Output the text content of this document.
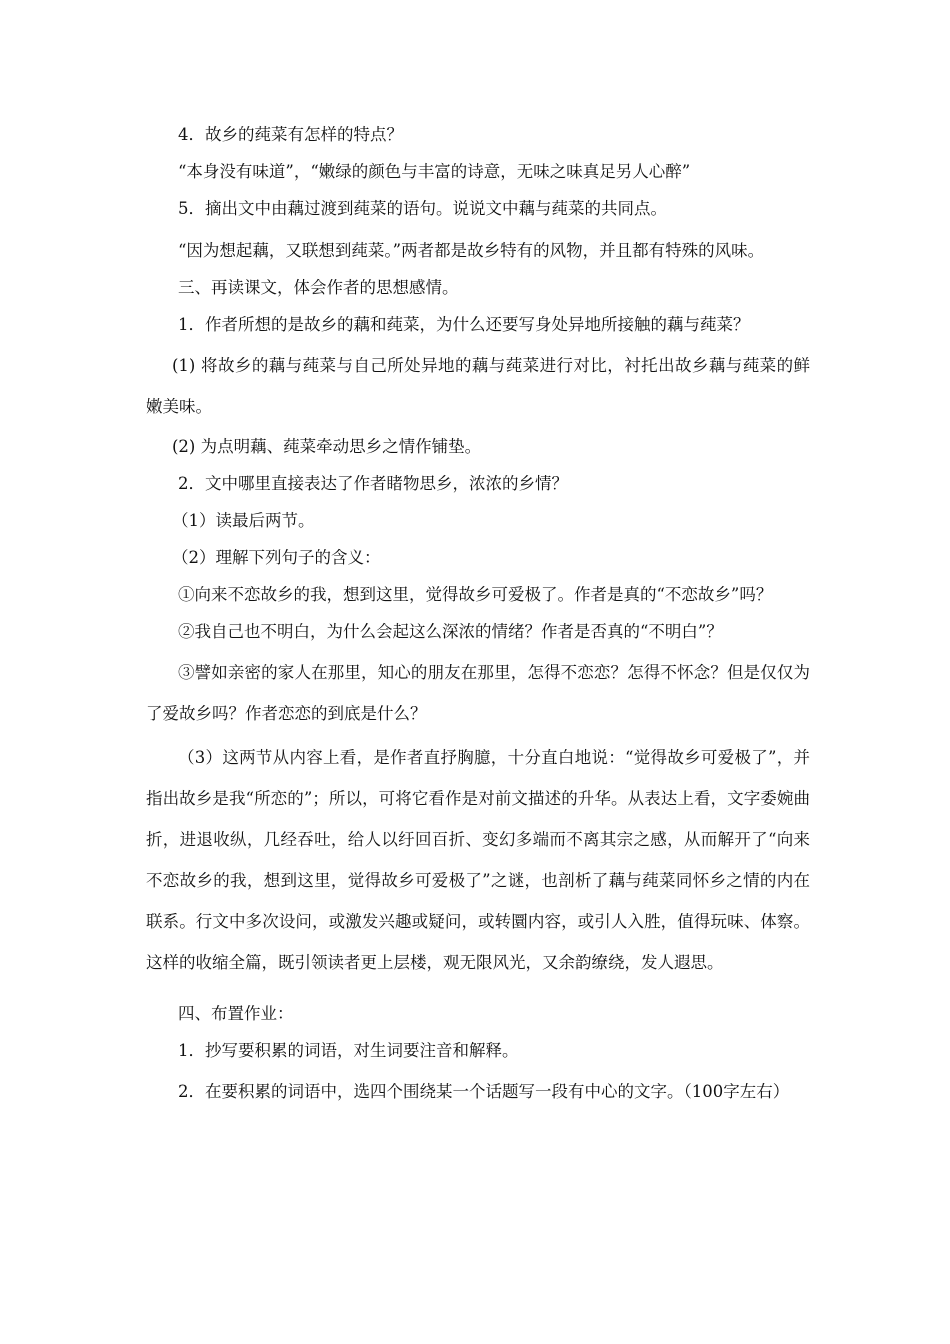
4．故乡的莼菜有怎样的特点？

“本身没有味道”，“嫩绿的颜色与丰富的诗意，无味之味真足另人心醉”

5．摘出文中由藕过渡到莼菜的语句。说说文中藕与莼菜的共同点。

“因为想起藕，又联想到莼菜。”两者都是故乡特有的风物，并且都有特殊的风味。

三、再读课文，体会作者的思想感情。

1．作者所想的是故乡的藕和莼菜，为什么还要写身处异地所接触的藕与莼菜？

(1) 将故乡的藕与莼菜与自己所处异地的藕与莼菜进行对比，衬托出故乡藕与莼菜的鲜嫩美味。

(2) 为点明藕、莼菜牵动思乡之情作铺垫。

2．文中哪里直接表达了作者睹物思乡，浓浓的乡情？

（1）读最后两节。

（2）理解下列句子的含义：

①向来不恋故乡的我，想到这里，觉得故乡可爱极了。作者是真的“不恋故乡”吗？

②我自己也不明白，为什么会起这么深浓的情绪？作者是否真的“不明白”？

③譬如亲密的家人在那里，知心的朋友在那里，怎得不恋恋？怎得不怀念？但是仅仅为了爱故乡吗？作者恋恋的到底是什么？

（3）这两节从内容上看，是作者直抒胸臆，十分直白地说：“觉得故乡可爱极了”，并指出故乡是我“所恋的”；所以，可将它看作是对前文描述的升华。从表达上看，文字委婉曲折，进退收纵，几经吞吐，给人以纡回百折、变幻多端而不离其宗之感，从而解开了“向来不恋故乡的我，想到这里，觉得故乡可爱极了”之谜，也剖析了藕与莼菜同怀乡之情的内在联系。行文中多次设问，或激发兴趣或疑问，或转圜内容，或引人入胜，值得玩味、体察。这样的收缩全篇，既引领读者更上层楼，观无限风光，又余韵缭绕，发人遐思。

四、布置作业：

1．抄写要积累的词语，对生词要注音和解释。

2．在要积累的词语中，选四个围绕某一个话题写一段有中心的文字。（100字左右）
